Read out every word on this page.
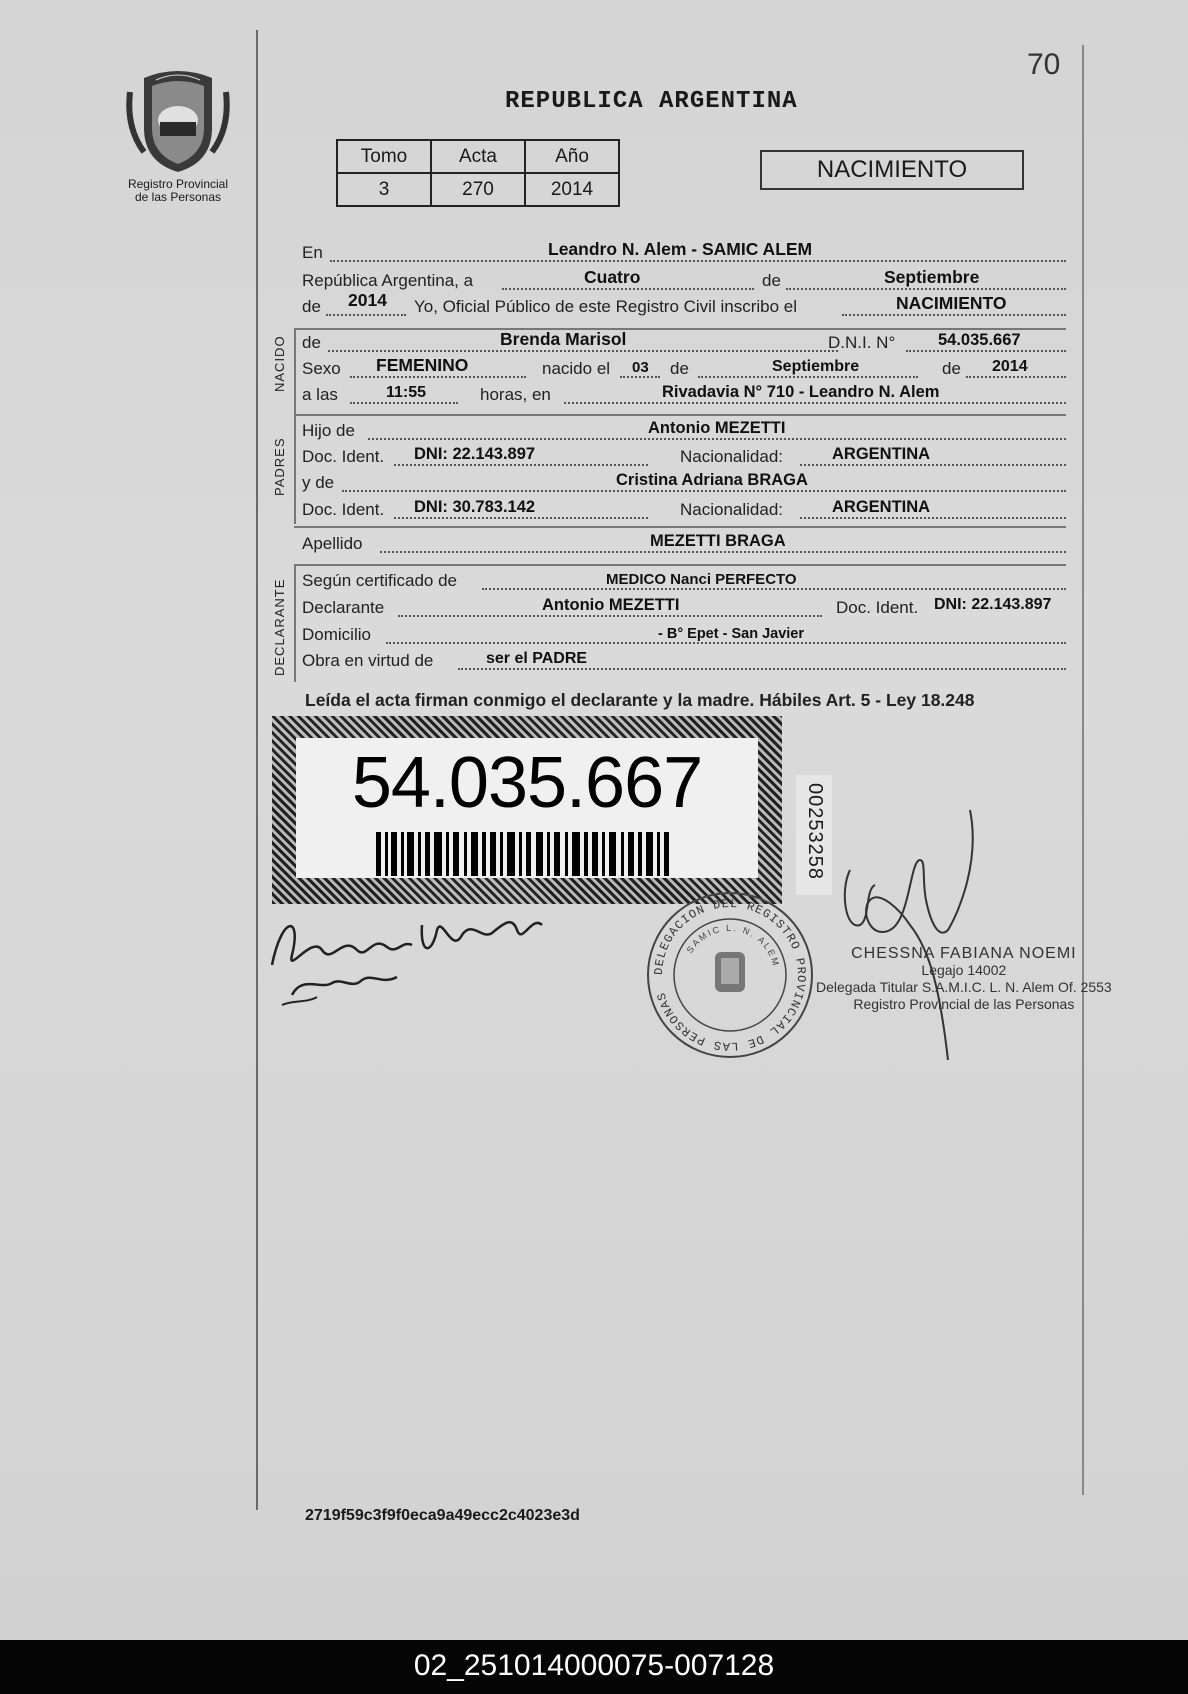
Registro Provincial
de las Personas
70
REPUBLICA ARGENTINA
Tomo	Acta	Año
3	270	2014
NACIMIENTO
En	Leandro N. Alem - SAMIC ALEM
República Argentina, a	Cuatro	de	Septiembre
de 2014 Yo, Oficial Público de este Registro Civil inscribo el	NACIMIENTO
NACIDO de	Brenda Marisol	D.N.I. N°	54.035.667
Sexo FEMENINO	nacido el 03 de	Septiembre	de 2014
a las	11:55	horas, en	Rivadavia N° 710 - Leandro N. Alem
PADRES
Hijo de	Antonio MEZETTI
Doc. Ident. DNI: 22.143.897	Nacionalidad:	ARGENTINA
y de	Cristina Adriana BRAGA
Doc. Ident. DNI: 30.783.142	Nacionalidad:	ARGENTINA
Apellido	MEZETTI BRAGA
DECLARANTE Según certificado de	MEDICO Nanci PERFECTO
Declarante	Antonio MEZETTI	Doc. Ident. DNI: 22.143.897
Domicilio	- B° Epet - San Javier
Obra en virtud de	ser el PADRE
Leída el acta firman conmigo el declarante y la madre. Hábiles Art. 5 - Ley 18.248
54.035.667	00253258
DELEGACION DEL REGISTRO PROVINCIAL DE LAS PERSONAS
SAMIC L. N. ALEM
CHESSNA FABIANA NOEMI
Legajo 14002
Delegada Titular S.A.M.I.C. L. N. Alem Of. 2553
Registro Provincial de las Personas
2719f59c3f9f0eca9a49ecc2c4023e3d
02_251014000075-007128
